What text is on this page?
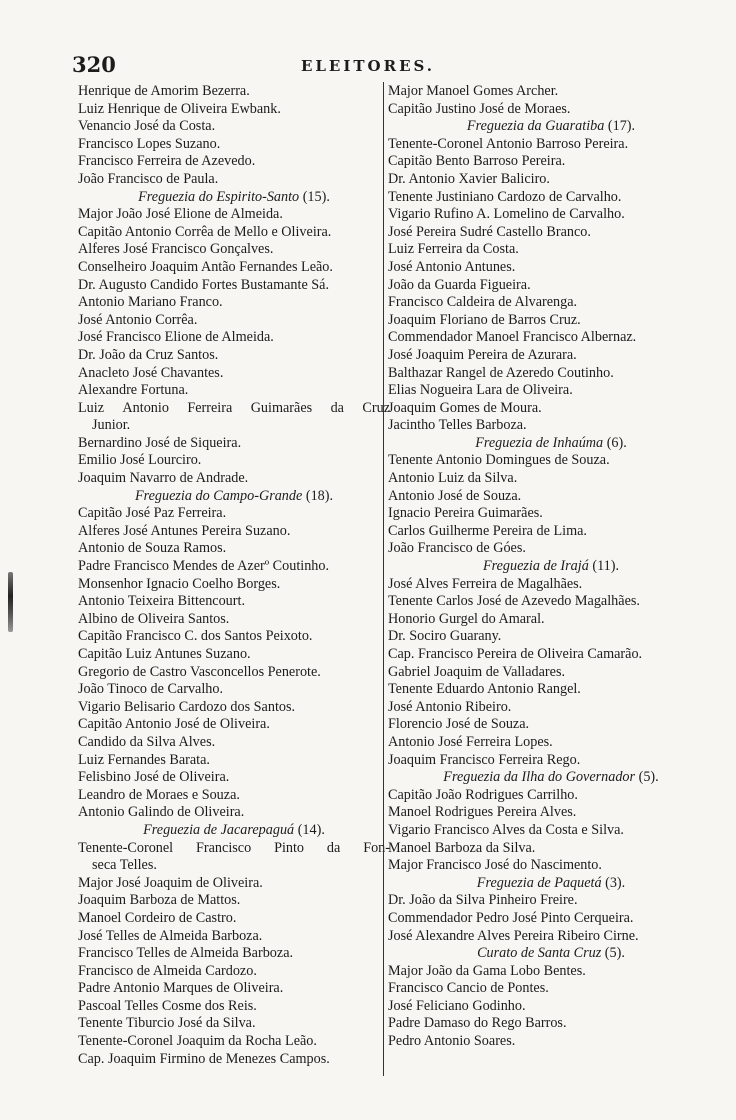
320	ELEITORES.
Henrique de Amorim Bezerra.
Luiz Henrique de Oliveira Ewbank.
Venancio José da Costa.
Francisco Lopes Suzano.
Francisco Ferreira de Azevedo.
João Francisco de Paula.
Freguezia do Espirito-Santo (15).
Major João José Elione de Almeida.
Capitão Antonio Corrêa de Mello e Oliveira.
Alferes José Francisco Gonçalves.
Conselheiro Joaquim Antão Fernandes Leão.
Dr. Augusto Candido Fortes Bustamante Sá.
Antonio Mariano Franco.
José Antonio Corrêa.
José Francisco Elione de Almeida.
Dr. João da Cruz Santos.
Anacleto José Chavantes.
Alexandre Fortuna.
Luiz Antonio Ferreira Guimarães da Cruz
Junior.
Bernardino José de Siqueira.
Emilio José Lourciro.
Joaquim Navarro de Andrade.
Freguezia do Campo-Grande (18).
Capitão José Paz Ferreira.
Alferes José Antunes Pereira Suzano.
Antonio de Souza Ramos.
Padre Francisco Mendes de Azerº Coutinho.
Monsenhor Ignacio Coelho Borges.
Antonio Teixeira Bittencourt.
Albino de Oliveira Santos.
Capitão Francisco C. dos Santos Peixoto.
Capitão Luiz Antunes Suzano.
Gregorio de Castro Vasconcellos Penerote.
João Tinoco de Carvalho.
Vigario Belisario Cardozo dos Santos.
Capitão Antonio José de Oliveira.
Candido da Silva Alves.
Luiz Fernandes Barata.
Felisbino José de Oliveira.
Leandro de Moraes e Souza.
Antonio Galindo de Oliveira.
Freguezia de Jacarepaguá (14).
Tenente-Coronel Francisco Pinto da Fon-
seca Telles.
Major José Joaquim de Oliveira.
Joaquim Barboza de Mattos.
Manoel Cordeiro de Castro.
José Telles de Almeida Barboza.
Francisco Telles de Almeida Barboza.
Francisco de Almeida Cardozo.
Padre Antonio Marques de Oliveira.
Pascoal Telles Cosme dos Reis.
Tenente Tiburcio José da Silva.
Tenente-Coronel Joaquim da Rocha Leão.
Cap. Joaquim Firmino de Menezes Campos.
Major Manoel Gomes Archer.
Capitão Justino José de Moraes.
Freguezia da Guaratiba (17).
Tenente-Coronel Antonio Barroso Pereira.
Capitão Bento Barroso Pereira.
Dr. Antonio Xavier Baliciro.
Tenente Justiniano Cardozo de Carvalho.
Vigario Rufino A. Lomelino de Carvalho.
José Pereira Sudré Castello Branco.
Luiz Ferreira da Costa.
José Antonio Antunes.
João da Guarda Figueira.
Francisco Caldeira de Alvarenga.
Joaquim Floriano de Barros Cruz.
Commendador Manoel Francisco Albernaz.
José Joaquim Pereira de Azurara.
Balthazar Rangel de Azeredo Coutinho.
Elias Nogueira Lara de Oliveira.
Joaquim Gomes de Moura.
Jacintho Telles Barboza.
Freguezia de Inhaúma (6).
Tenente Antonio Domingues de Souza.
Antonio Luiz da Silva.
Antonio José de Souza.
Ignacio Pereira Guimarães.
Carlos Guilherme Pereira de Lima.
João Francisco de Góes.
Freguezia de Irajá (11).
José Alves Ferreira de Magalhães.
Tenente Carlos José de Azevedo Magalhães.
Honorio Gurgel do Amaral.
Dr. Sociro Guarany.
Cap. Francisco Pereira de Oliveira Camarão.
Gabriel Joaquim de Valladares.
Tenente Eduardo Antonio Rangel.
José Antonio Ribeiro.
Florencio José de Souza.
Antonio José Ferreira Lopes.
Joaquim Francisco Ferreira Rego.
Freguezia da Ilha do Governador (5).
Capitão João Rodrigues Carrilho.
Manoel Rodrigues Pereira Alves.
Vigario Francisco Alves da Costa e Silva.
Manoel Barboza da Silva.
Major Francisco José do Nascimento.
Freguezia de Paquetá (3).
Dr. João da Silva Pinheiro Freire.
Commendador Pedro José Pinto Cerqueira.
José Alexandre Alves Pereira Ribeiro Cirne.
Curato de Santa Cruz (5).
Major João da Gama Lobo Bentes.
Francisco Cancio de Pontes.
José Feliciano Godinho.
Padre Damaso do Rego Barros.
Pedro Antonio Soares.
